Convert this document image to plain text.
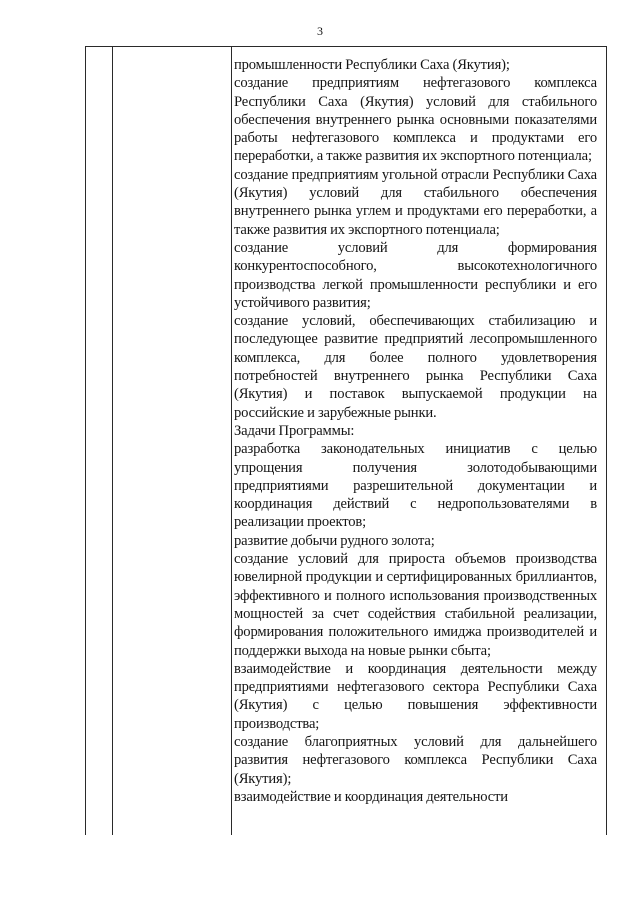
3

промышленности Республики Саха (Якутия);

создание предприятиям нефтегазового комплекса Республики Саха (Якутия) условий для стабильного обеспечения внутреннего рынка основными показателями работы нефтегазового комплекса и продуктами его переработки, а также развития их экспортного потенциала;

создание предприятиям угольной отрасли Республики Саха (Якутия) условий для стабильного обеспечения внутреннего рынка углем и продуктами его переработки, а также развития их экспортного потенциала;

создание условий для формирования конкурентоспособного, высокотехнологичного производства легкой промышленности республики и его устойчивого развития;

создание условий, обеспечивающих стабилизацию и последующее развитие предприятий лесопромышленного комплекса, для более полного удовлетворения потребностей внутреннего рынка Республики Саха (Якутия) и поставок выпускаемой продукции на российские и зарубежные рынки.

Задачи Программы:

разработка законодательных инициатив с целью упрощения получения золотодобывающими предприятиями разрешительной документации и координация действий с недропользователями в реализации проектов;

развитие добычи рудного золота;

создание условий для прироста объемов производства ювелирной продукции и сертифицированных бриллиантов, эффективного и полного использования производственных мощностей за счет содействия стабильной реализации, формирования положительного имиджа производителей и поддержки выхода на новые рынки сбыта;

взаимодействие и координация деятельности между предприятиями нефтегазового сектора Республики Саха (Якутия) с целью повышения эффективности производства;

создание благоприятных условий для дальнейшего развития нефтегазового комплекса Республики Саха (Якутия);

взаимодействие и координация деятельности
